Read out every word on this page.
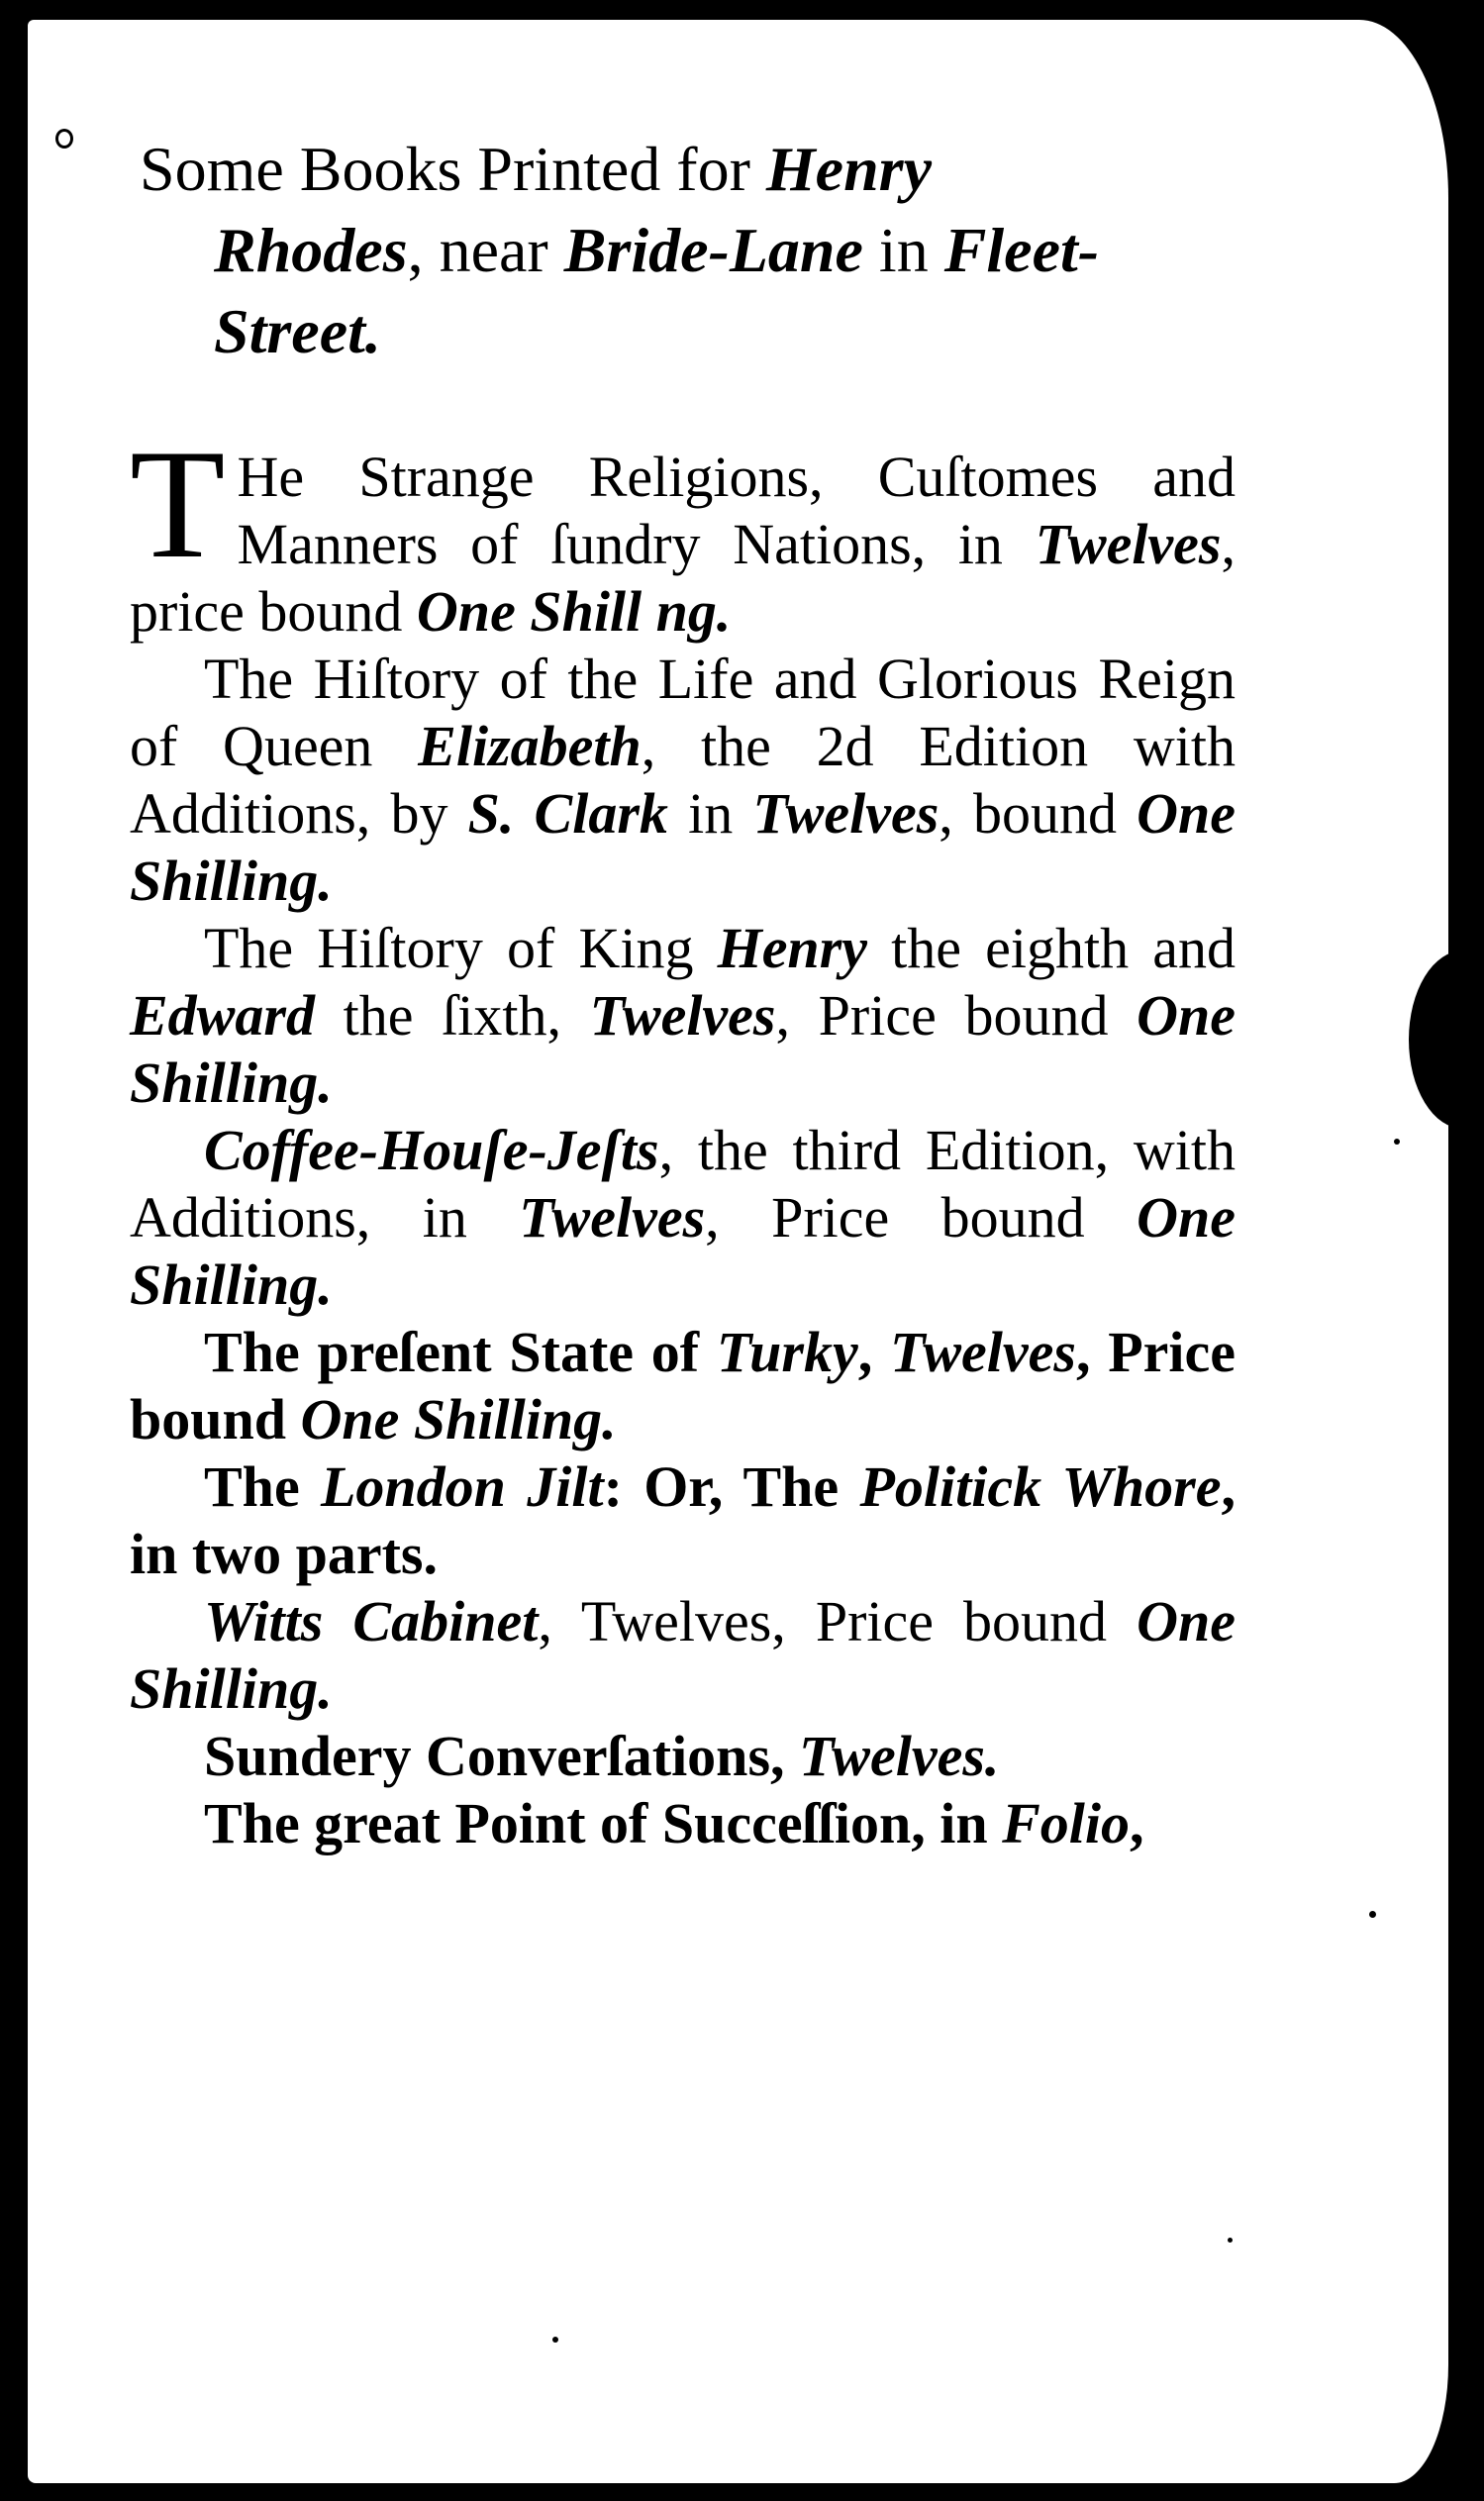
Some Books Printed for Henry
Rhodes, near Bride-Lane in Fleet-
Street.

T He Strange Religions, Cuſtomes and Manners of ſundry Nations, in Twelves, price bound One Shill ng.

The Hiſtory of the Life and Glorious Reign of Queen Elizabeth, the 2d Edition with Additions, by S. Clark in Twelves, bound One Shilling.

The Hiſtory of King Henry the eighth and Edward the ſixth, Twelves, Price bound One Shilling.

Coffee-Houſe-Jeſts, the third Edition, with Additions, in Twelves, Price bound One Shilling.

The preſent State of Turky, Twelves, Price bound One Shilling.

The London Jilt: Or, The Politick Whore, in two parts.

Witts Cabinet, Twelves, Price bound One Shilling.

Sundery Converſations, Twelves.

The great Point of Succeſſion, in Folio,
